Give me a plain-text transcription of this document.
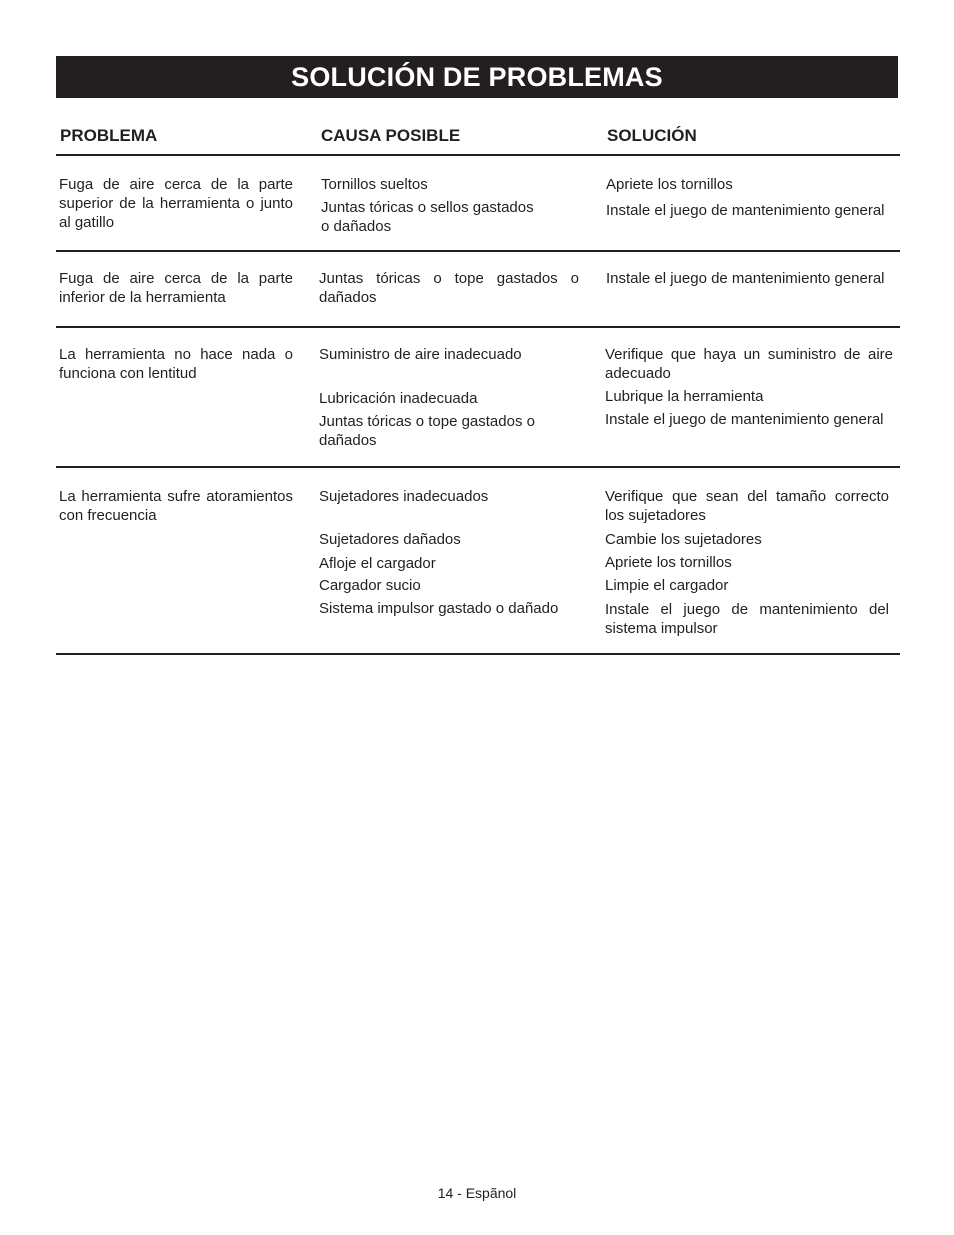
SOLUCIÓN DE PROBLEMAS
PROBLEMA	CAUSA POSIBLE	SOLUCIÓN
Fuga de aire cerca de la parte superior de la herramienta o junto al gatillo
Tornillos sueltos
Juntas tóricas o sellos gastados o dañados
Apriete los tornillos
Instale el juego de mantenimiento general
Fuga de aire cerca de la parte inferior de la herramienta
Juntas tóricas o tope gastados o dañados
Instale el juego de mantenimiento general
La herramienta no hace nada o funciona con lentitud
Suministro de aire inadecuado
Lubricación inadecuada
Juntas tóricas o tope gastados o dañados
Verifique que haya un suministro de aire adecuado
Lubrique la herramienta
Instale el juego de mantenimiento general
La herramienta sufre atoramientos con frecuencia
Sujetadores inadecuados
Sujetadores dañados
Afloje el cargador
Cargador sucio
Sistema impulsor gastado o dañado
Verifique que sean del tamaño correcto los sujetadores
Cambie los sujetadores
Apriete los tornillos
Limpie el cargador
Instale el juego de mantenimiento del sistema impulsor
14 - Espãnol
